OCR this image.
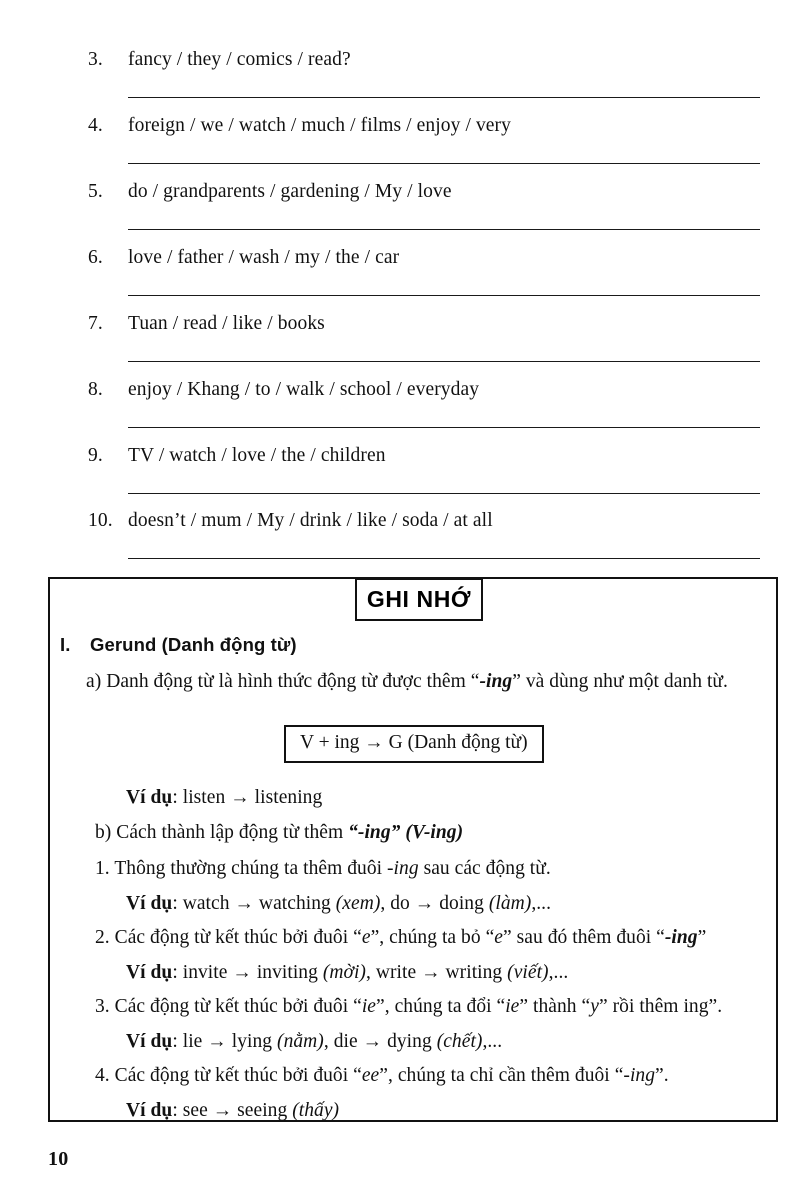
3.	fancy / they / comics / read?
4.	foreign / we / watch / much / films / enjoy / very
5.	do / grandparents / gardening / My / love
6.	love / father / wash / my / the / car
7.	Tuan / read / like / books
8.	enjoy / Khang / to / walk / school / everyday
9.	TV / watch / love / the / children
10. doesn’t / mum / My / drink / like / soda / at all
GHI NHỚ
I. Gerund (Danh động từ)
a) Danh động từ là hình thức động từ được thêm “-ing” và dùng như một danh từ.
V + ing → G (Danh động từ)
Ví dụ: listen → listening
b) Cách thành lập động từ thêm “-ing” (V-ing)
1. Thông thường chúng ta thêm đuôi -ing sau các động từ.
Ví dụ: watch → watching (xem), do → doing (làm),...
2. Các động từ kết thúc bởi đuôi “e”, chúng ta bỏ “e” sau đó thêm đuôi “-ing”
Ví dụ: invite → inviting (mời), write → writing (viết),...
3. Các động từ kết thúc bởi đuôi “ie”, chúng ta đổi “ie” thành “y” rồi thêm ing”.
Ví dụ: lie → lying (nằm), die → dying (chết),...
4. Các động từ kết thúc bởi đuôi “ee”, chúng ta chỉ cần thêm đuôi “-ing”.
Ví dụ: see → seeing (thấy)
10
